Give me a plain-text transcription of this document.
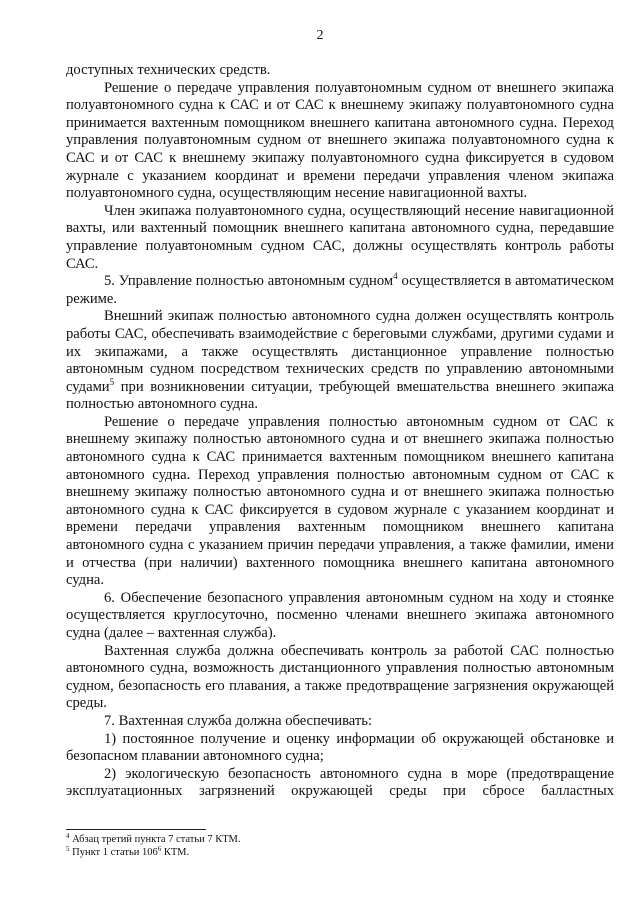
2

доступных технических средств.

Решение о передаче управления полуавтономным судном от внешнего экипажа полуавтономного судна к САС и от САС к внешнему экипажу полуавтономного судна принимается вахтенным помощником внешнего капитана автономного судна. Переход управления полуавтономным судном от внешнего экипажа полуавтономного судна к САС и от САС к внешнему экипажу полуавтономного судна фиксируется в судовом журнале с указанием координат и времени передачи управления членом экипажа полуавтономного судна, осуществляющим несение навигационной вахты.

Член экипажа полуавтономного судна, осуществляющий несение навигационной вахты, или вахтенный помощник внешнего капитана автономного судна, передавшие управление полуавтономным судном САС, должны осуществлять контроль работы САС.

5. Управление полностью автономным судном$^4$ осуществляется в автоматическом режиме.

Внешний экипаж полностью автономного судна должен осуществлять контроль работы САС, обеспечивать взаимодействие с береговыми службами, другими судами и их экипажами, а также осуществлять дистанционное управление полностью автономным судном посредством технических средств по управлению автономными судами$^5$ при возникновении ситуации, требующей вмешательства внешнего экипажа полностью автономного судна.

Решение о передаче управления полностью автономным судном от САС к внешнему экипажу полностью автономного судна и от внешнего экипажа полностью автономного судна к САС принимается вахтенным помощником внешнего капитана автономного судна. Переход управления полностью автономным судном от САС к внешнему экипажу полностью автономного судна и от внешнего экипажа полностью автономного судна к САС фиксируется в судовом журнале с указанием координат и времени передачи управления вахтенным помощником внешнего капитана автономного судна с указанием причин передачи управления, а также фамилии, имени и отчества (при наличии) вахтенного помощника внешнего капитана автономного судна.

6. Обеспечение безопасного управления автономным судном на ходу и стоянке осуществляется круглосуточно, посменно членами внешнего экипажа автономного судна (далее – вахтенная служба).

Вахтенная служба должна обеспечивать контроль за работой САС полностью автономного судна, возможность дистанционного управления полностью автономным судном, безопасность его плавания, а также предотвращение загрязнения окружающей среды.

7. Вахтенная служба должна обеспечивать:

1) постоянное получение и оценку информации об окружающей обстановке и безопасном плавании автономного судна;

2) экологическую безопасность автономного судна в море (предотвращение эксплуатационных загрязнений окружающей среды при сбросе балластных

$^4$ Абзац третий пункта 7 статьи 7 КТМ.
$^5$ Пункт 1 статьи $106^6$ КТМ.
